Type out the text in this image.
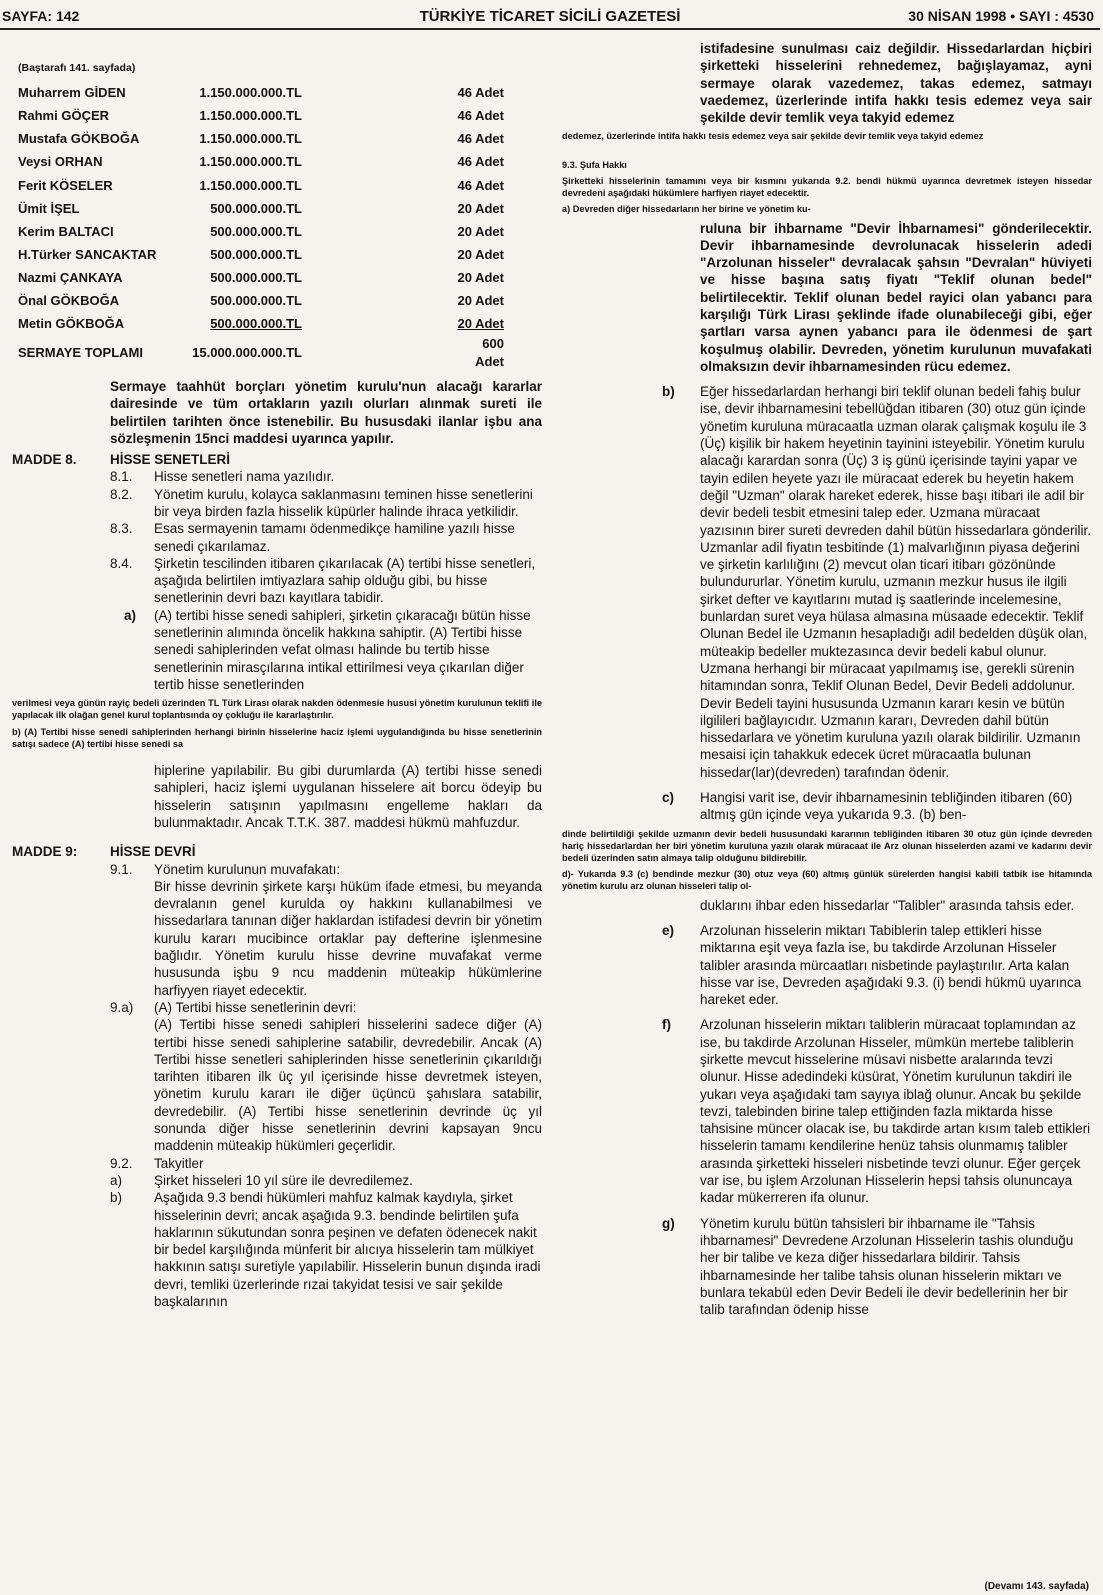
SAYFA: 142	TÜRKİYE TİCARET SİCİLİ GAZETESİ	30 NİSAN 1998 • SAYI : 4530
(Baştarafı 141. sayfada)
Muharrem GİDEN	1.150.000.000.TL		46 Adet
Rahmi GÖÇER	1.150.000.000.TL		46 Adet
Mustafa GÖKBOĞA	1.150.000.000.TL		46 Adet
Veysi ORHAN	1.150.000.000.TL		46 Adet
Ferit KÖSELER	1.150.000.000.TL		46 Adet
Ümit İŞEL	500.000.000.TL		20 Adet
Kerim BALTACI	500.000.000.TL		20 Adet
H.Türker SANCAKTAR	500.000.000.TL		20 Adet
Nazmi ÇANKAYA	500.000.000.TL		20 Adet
Önal GÖKBOĞA	500.000.000.TL		20 Adet
Metin GÖKBOĞA	500.000.000.TL		20 Adet
SERMAYE TOPLAMI	15.000.000.000.TL		600 Adet

Sermaye taahhüt borçları yönetim kurulu'nun alacağı kararlar dairesinde ve tüm ortakların yazılı olurları alınmak sureti ile belirtilen tarihten önce istenebilir. Bu hususdaki ilanlar işbu ana sözleşmenin 15nci maddesi uyarınca yapılır.

MADDE 8.	HİSSE SENETLERİ
8.1.	Hisse senetleri nama yazılıdır.
8.2.	Yönetim kurulu, kolayca saklanmasını teminen hisse senetlerini bir veya birden fazla hisselik küpürler halinde ihraca yetkilidir.
8.3.	Esas sermayenin tamamı ödenmedikçe hamiline yazılı hisse senedi çıkarılamaz.
8.4.	Şirketin tescilinden itibaren çıkarılacak (A) tertibi hisse senetleri, aşağıda belirtilen imtiyazlara sahip olduğu gibi, bu hisse senetlerinin devri bazı kayıtlara tabidir.
a)	(A) tertibi hisse senedi sahipleri, şirketin çıkaracağı bütün hisse senetlerinin alımında öncelik hakkına sahiptir. (A) Tertibi hisse senedi sahiplerinden vefat olması halinde bu tertib hisse senetlerinin mirasçılarına intikal ettirilmesi veya çıkarılan diğer tertib hisse senetlerinden

verilmesi veya günün rayiç bedeli üzerinden TL Türk Lirası olarak nakden ödenmesie hususi yönetim kurulunun teklifi ile yapılacak ilk olağan genel kurul toplantısında oy çokluğu ile kararlaştırılır.

b) (A) Tertibi hisse senedi sahiplerinden herhangi birinin hisselerine haciz işlemi uygulandığında bu hisse senetlerinin satışı sadece (A) tertibi hisse senedi sa

hiplerine yapılabilir. Bu gibi durumlarda (A) tertibi hisse senedi sahipleri, haciz işlemi uygulanan hisselere ait borcu ödeyip bu hisselerin satışının yapılmasını engelleme hakları da bulunmaktadır. Ancak T.T.K. 387. maddesi hükmü mahfuzdur.

MADDE 9:	HİSSE DEVRİ
9.1.	Yönetim kurulunun muvafakatı:

Bir hisse devrinin şirkete karşı hüküm ifade etmesi, bu meyanda devralanın genel kurulda oy hakkını kullanabilmesi ve hissedarlara tanınan diğer haklardan istifadesi devrin bir yönetim kurulu kararı mucibince ortaklar pay defterine işlenmesine bağlıdır. Yönetim kurulu hisse devrine muvafakat verme hususunda işbu 9 ncu maddenin müteakip hükümlerine harfiyyen riayet edecektir.

9.a)	(A) Tertibi hisse senetlerinin devri:

(A) Tertibi hisse senedi sahipleri hisselerini sadece diğer (A) tertibi hisse senedi sahiplerine satabilir, devredebilir. Ancak (A) Tertibi hisse senetleri sahiplerinden hisse senetlerinin çıkarıldığı tarihten itibaren ilk üç yıl içerisinde hisse devretmek isteyen, yönetim kurulu kararı ile diğer üçüncü şahıslara satabilir, devredebilir. (A) Tertibi hisse senetlerinin devrinde üç yıl sonunda diğer hisse senetlerinin devrini kapsayan 9ncu maddenin müteakip hükümleri geçerlidir.

9.2.	Takyitler
a)	Şirket hisseleri 10 yıl süre ile devredilemez.
b)	Aşağıda 9.3 bendi hükümleri mahfuz kalmak kaydıyla, şirket hisselerinin devri; ancak aşağıda 9.3. bendinde belirtilen şufa haklarının sükutundan sonra peşinen ve defaten ödenecek nakit bir bedel karşılığında münferit bir alıcıya hisselerin tam mülkiyet hakkının satışı suretiyle yapılabilir. Hisselerin bunun dışında iradi devri, temliki üzerlerinde rızai takyidat tesisi ve sair şekilde başkalarının

istifadesine sunulması caiz değildir. Hissedarlardan hiçbiri şirketteki hisselerini rehnedemez, bağışlayamaz, ayni sermaye olarak vazedemez, takas edemez, satmayı vaedemez, üzerlerinde intifa hakkı tesis edemez veya sair şekilde devir temlik veya takyid edemez

dedemez, üzerlerinde intifa hakkı tesis edemez veya sair şekilde devir temlik veya takyid edemez

9.3. Şufa Hakkı

Şirketteki hisselerinin tamamını veya bir kısmını yukarıda 9.2. bendi hükmü uyarınca devretmek isteyen hissedar devredeni aşağıdaki hükümlere harfiyen riayet edecektir.

a) Devreden diğer hissedarların her birine ve yönetim ku-

ruluna bir ihbarname "Devir İhbarnamesi" gönderilecektir. Devir ihbarnamesinde devrolunacak hisselerin adedi "Arzolunan hisseler" devralacak şahsın "Devralan" hüviyeti ve hisse başına satış fiyatı "Teklif olunan bedel" belirtilecektir. Teklif olunan bedel rayici olan yabancı para karşılığı Türk Lirası şeklinde ifade olunabileceği gibi, eğer şartları varsa aynen yabancı para ile ödenmesi de şart koşulmuş olabilir. Devreden, yönetim kurulunun muvafakati olmaksızın devir ihbarnamesinden rücu edemez.

b)	Eğer hissedarlardan herhangi biri teklif olunan bedeli fahiş bulur ise, devir ihbarnamesini tebellüğdan itibaren (30) otuz gün içinde yönetim kuruluna müracaatla uzman olarak çalışmak koşulu ile 3 (Üç) kişilik bir hakem heyetinin tayinini isteyebilir. Yönetim kurulu alacağı karardan sonra (Üç) 3 iş günü içerisinde tayini yapar ve tayin edilen heyete yazı ile müracaat ederek bu heyetin hakem değil "Uzman" olarak hareket ederek, hisse başı itibari ile adil bir devir bedeli tesbit etmesini talep eder. Uzmana müracaat yazısının birer sureti devreden dahil bütün hissedarlara gönderilir. Uzmanlar adil fiyatın tesbitinde (1) malvarlığının piyasa değerini ve şirketin karlılığını (2) mevcut olan ticari itibarı gözönünde bulundururlar. Yönetim kurulu, uzmanın mezkur husus ile ilgili şirket defter ve kayıtlarını mutad iş saatlerinde incelemesine, bunlardan suret veya hülasa almasına müsaade edecektir. Teklif Olunan Bedel ile Uzmanın hesapladığı adil bedelden düşük olan, müteakip bedeller muktezasınca devir bedeli kabul olunur. Uzmana herhangi bir müracaat yapılmamış ise, gerekli sürenin hitamından sonra, Teklif Olunan Bedel, Devir Bedeli addolunur. Devir Bedeli tayini hususunda Uzmanın kararı kesin ve bütün ilgilileri bağlayıcıdır. Uzmanın kararı, Devreden dahil bütün hissedarlara ve yönetim kuruluna yazılı olarak bildirilir. Uzmanın mesaisi için tahakkuk edecek ücret müracaatla bulunan hissedar(lar)(devreden) tarafından ödenir.
c)	Hangisi varit ise, devir ihbarnamesinin tebliğinden itibaren (60) altmış gün içinde veya yukarıda 9.3. (b) ben-

dinde belirtildiği şekilde uzmanın devir bedeli hususundaki kararının tebliğinden itibaren 30 otuz gün içinde devreden hariç hissedarlardan her biri yönetim kuruluna yazılı olarak müracaat ile Arz olunan hisselerden azami ve kadarını devir bedeli üzerinden satın almaya talip olduğunu bildirebilir.

d)- Yukarıda 9.3 (c) bendinde mezkur (30) otuz veya (60) altmış günlük sürelerden hangisi kabili tatbik ise hitamında yönetim kurulu arz olunan hisseleri talip ol-

duklarını ihbar eden hissedarlar "Talibler" arasında tahsis eder.

e)	Arzolunan hisselerin miktarı Tabiblerin talep ettikleri hisse miktarına eşit veya fazla ise, bu takdirde Arzolunan Hisseler talibler arasında mürcaatları nisbetinde paylaştırılır. Arta kalan hisse var ise, Devreden aşağıdaki 9.3. (i) bendi hükmü uyarınca hareket eder.
f)	Arzolunan hisselerin miktarı taliblerin müracaat toplamından az ise, bu takdirde Arzolunan Hisseler, mümkün mertebe taliblerin şirkette mevcut hisselerine müsavi nisbette aralarında tevzi olunur. Hisse adedindeki küsürat, Yönetim kurulunun takdiri ile yukarı veya aşağıdaki tam sayıya iblağ olunur. Ancak bu şekilde tevzi, talebinden birine talep ettiğinden fazla miktarda hisse tahsisine müncer olacak ise, bu takdirde artan kısım taleb ettikleri hisselerin tamamı kendilerine henüz tahsis olunmamış talibler arasında şirketteki hisseleri nisbetinde tevzi olunur. Eğer gerçek var ise, bu işlem Arzolunan Hisselerin hepsi tahsis olununcaya kadar mükerreren ifa olunur.
g)	Yönetim kurulu bütün tahsisleri bir ihbarname ile "Tahsis ihbarnamesi" Devredene Arzolunan Hisselerin tashis olunduğu her bir talibe ve keza diğer hissedarlara bildirir. Tahsis ihbarnamesinde her talibe tahsis olunan hisselerin miktarı ve bunlara tekabül eden Devir Bedeli ile devir bedellerinin her bir talib tarafından ödenip hisse
(Devamı 143. sayfada)
